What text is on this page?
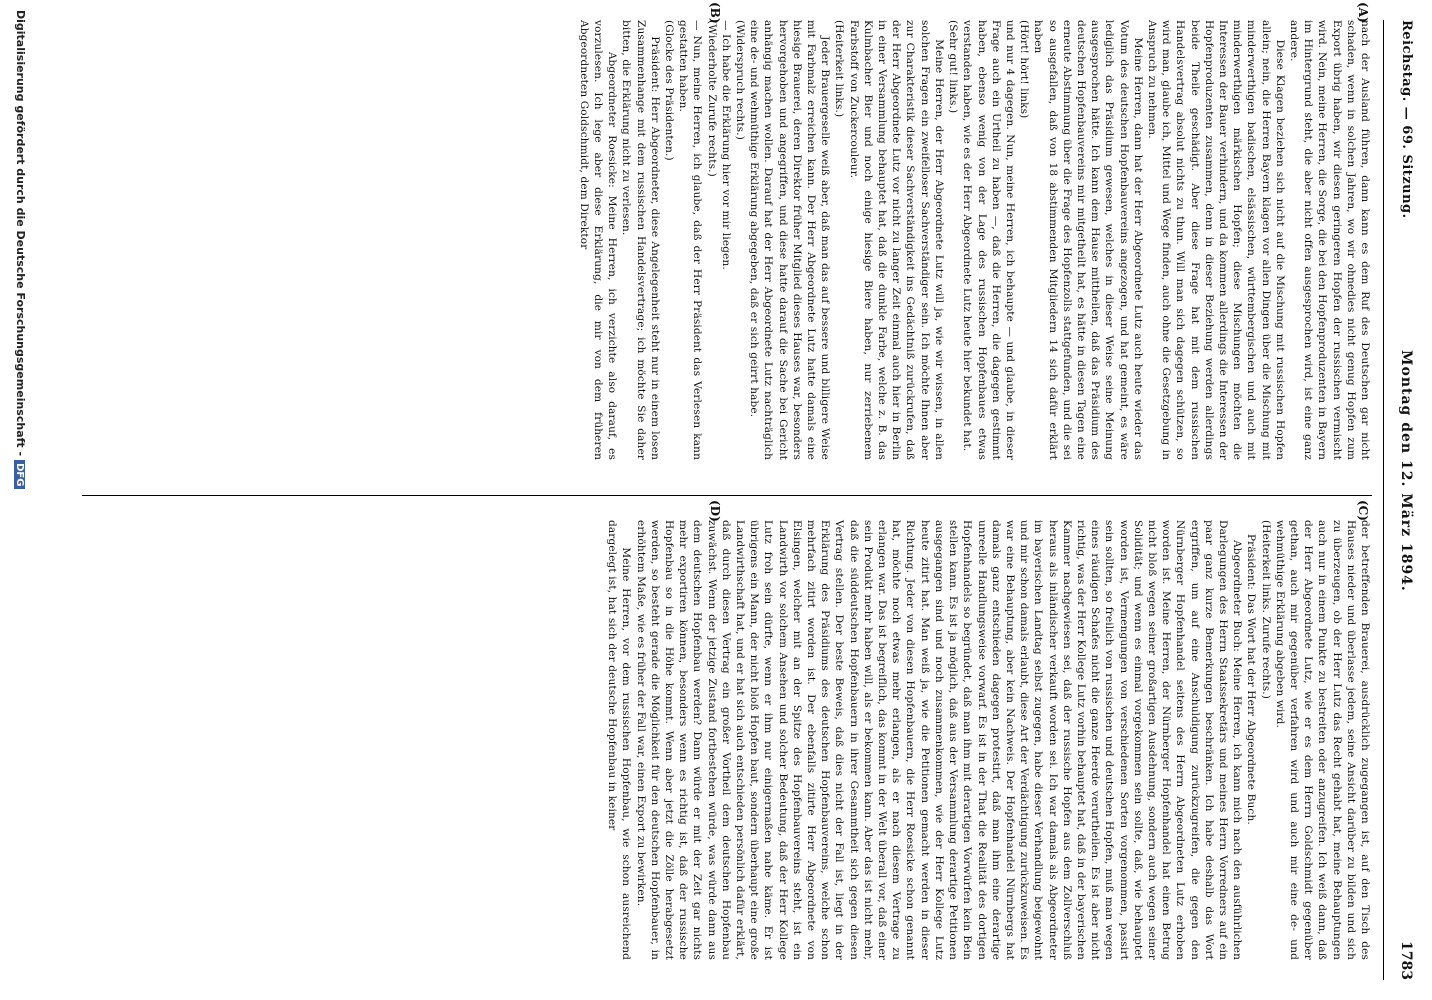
Reichstag. — 69. Sitzung.
Montag den 12. März 1894.
1783
nach der Ausland führen, dann kann es dem Ruf des Deutschen gar nicht schaden, wenn in solchen Jahren, wo wir ohnedies nicht genug Hopfen zum Export übrig haben, wir diesen geringeren Hopfen der russischen vermischt wird. Nein, meine Herren, die Sorge, die bei den Hopfenproduzenten in Bayern im Hintergrund steht, die aber nicht offen ausgesprochen wird, ist eine ganz andere.
Diese Klagen beziehen sich nicht auf die Mischung mit russischen Hopfen allein; nein, die Herren Bayern klagen vor allen Dingen über die Mischung mit minderwerthigen badischen, elsässischen, württembergischen und auch mit minderwerthigen märkischen Hopfen; diese Mischungen möchten die Interessen der Bauer verhindern, und da kommen allerdings die Interessen der Hopfenproduzenten zusammen, denn in dieser Beziehung werden allerdings beide Theile geschädigt. Aber diese Frage hat mit dem russischen Handelsvertrag absolut nichts zu thun. Will man sich dagegen schützen, so wird man, glaube ich, Mittel und Wege finden, auch ohne die Gesetzgebung in Anspruch zu nehmen.
Meine Herren, dann hat der Herr Abgeordnete Lutz auch heute wieder das Votum des deutschen Hopfenbauvereins angezogen, und hat gemeint, es wäre lediglich das Präsidium gewesen, welches in dieser Weise seine Meinung ausgesprochen hätte. Ich kann dem Hause mittheilen, daß das Präsidium des deutschen Hopfenbauvereins mir mitgetheilt hat, es hätte in diesen Tagen eine erneute Abstimmung über die Frage des Hopfenzolls stattgefunden, und die sei so ausgefallen, daß von 18 abstimmenden Mitgliedern 14 sich dafür erklärt haben
(Hört! hört! links)
und nur 4 dagegen. Nun, meine Herren, ich behaupte — und glaube, in dieser Frage auch ein Urtheil zu haben —, daß die Herren, die dagegen gestimmt haben, ebenso wenig von der Lage des russischen Hopfenbaues etwas verstanden haben, wie es der Herr Abgeordnete Lutz heute hier bekundet hat.
(Sehr gut! links.)
Meine Herren, der Herr Abgeordnete Lutz will ja, wie wir wissen, in allen solchen Fragen ein zweifelloser Sachverständiger sein. Ich möchte Ihnen aber zur Charakteristik dieser Sachverständigkeit ins Gedächtniß zurückrufen, daß der Herr Abgeordnete Lutz vor nicht zu langer Zeit einmal auch hier in Berlin in einer Versammlung behauptet hat, daß die dunkle Farbe, welche z. B. das Kulmbacher Bier und noch einige hiesige Biere haben, nur zerriebenem Farbstoff von Zuckercouleur.
(Heiterkeit links.)
Jeder Brauergeselle weiß aber, daß man das auf bessere und billigere Weise mit Farbmalz erreichen kann. Der Herr Abgeordnete Lutz hatte damals eine hiesige Brauerei, deren Direktor früher Mitglied dieses Hauses war, besonders hervorgehoben und angegriffen, und diese hatte darauf die Sache bei Gericht anhängig machen wollen. Darauf hat der Herr Abgeordnete Lutz nachträglich eine de- und wehmüthige Erklärung abgegeben, daß er sich geirrt habe.
(Widerspruch rechts.)
— Ich habe die Erklärung hier vor mir liegen.
(Wiederholte Zurufe rechts.)
— Nun, meine Herren, ich glaube, daß der Herr Präsident das Verlesen kann gestatten haben.
(Glocke des Präsidenten.)
Präsident: Herr Abgeordneter, diese Angelegenheit steht nur in einem losen Zusammenhange mit dem russischen Handelsvertrage; ich möchte Sie daher bitten, die Erklärung nicht zu verlesen.
Abgeordneter Roesicke: Meine Herren, ich verzichte also darauf, es vorzulesen. Ich lege aber diese Erklärung, die mir von dem früheren Abgeordneten Goldschmidt, dem Direktor
der betreffenden Brauerei, ausdrücklich zugegangen ist, auf den Tisch des Hauses nieder und überlasse jedem, seine Ansicht darüber zu bilden und sich zu überzeugen, ob der Herr Lutz das Recht gehabt hat, meine Behauptungen auch nur in einem Punkte zu bestreiten oder anzugreifen. Ich weiß dann, daß der Herr Abgeordnete Lutz, wie er es dem Herrn Goldschmidt gegenüber gethan, auch mir gegenüber verfahren wird und auch mir eine de- und wehmüthige Erklärung abgeben wird.
(Heiterkeit links. Zurufe rechts.)
Präsident: Das Wort hat der Herr Abgeordnete Buch.
Abgeordneter Buch: Meine Herren, ich kann mich nach den ausführlichen Darlegungen des Herrn Staatssekretärs und meines Herrn Vorredners auf ein paar ganz kurze Bemerkungen beschränken. Ich habe deshalb das Wort ergriffen, um auf eine Anschuldigung zurückzugreifen, die gegen den Nürnberger Hopfenhandel seitens des Herrn Abgeordneten Lutz erhoben worden ist. Meine Herren, der Nürnberger Hopfenhandel hat einen Betrug nicht bloß wegen seiner großartigen Ausdehnung, sondern auch wegen seiner Solidität; und wenn es einmal vorgekommen sein sollte, daß, wie behauptet worden ist, Vermengungen von verschiedenen Sorten vorgenommen, passirt sein sollten, so freilich von russischen und deutschen Hopfen, muß man wegen eines räudigen Schafes nicht die ganze Heerde verurtheilen. Es ist aber nicht richtig, was der Herr Kollege Lutz vorhin behauptet hat, daß in der bayerischen Kammer nachgewiesen sei, daß der russische Hopfen aus dem Zollverschluß heraus als inländischer verkauft worden sei. Ich war damals als Abgeordneter im bayerischen Landtag selbst zugegen, habe dieser Verhandlung beigewohnt und mir schon damals erlaubt, diese Art der Verdächtigung zurückzuweisen. Es war eine Behauptung, aber kein Nachweis. Der Hopfenhandel Nürnbergs hat damals ganz entschieden dagegen protestirt, daß man ihm eine derartige unreelle Handlungsweise vorwarf. Es ist in der That die Realität des dortigen Hopfenhandels so begründet, daß man ihm mit derartigen Vorwürfen kein Bein stellen kann. Es ist ja möglich, daß aus der Versammlung derartige Petitionen ausgegangen sind und noch zusammenkommen, wie der Herr Kollege Lutz heute zitirt hat. Man weiß ja, wie die Petitionen gemacht werden in dieser Richtung. Jeder von diesen Hopfenbauern, die Herr Roesicke schon genannt hat, möchte noch etwas mehr erlangen, als er nach diesem Vertrage zu erlangen war. Das ist begreiflich, das kommt in der Welt überall vor, daß einer sein Produkt mehr haben will, als er bekommen kann. Aber das ist nicht mehr, daß die süddeutschen Hopfenbauern in ihrer Gesammtheit sich gegen diesen Vertrag stellen. Der beste Beweis, daß dies nicht der Fall ist, liegt in der Erklärung des Präsidiums des deutschen Hopfenbauvereins, welche schon mehrfach zitirt worden ist. Der ebenfalls zitirte Herr Abgeordnete von Elsingen, welcher mit an der Spitze des Hopfenbauvereins steht, ist ein Landwirth vor solchem Ansehen und solcher Bedeutung, daß der Herr Kollege Lutz froh sein dürfte, wenn er ihm nur einigermaßen nahe käme. Er ist übrigens ein Mann, der nicht bloß Hopfen baut, sondern überhaupt eine große Landwirthschaft hat, und er hat sich auch entschieden persönlich dafür erklärt, daß durch diesen Vertrag ein großer Vortheil dem deutschen Hopfenbau zuwächst. Wenn der jetzige Zustand fortbestehen würde, was würde dann aus dem deutschen Hopfenbau werden? Dann würde er mit der Zeit gar nichts mehr exportiren können, besonders wenn es richtig ist, daß der russische Hopfenbau so in die Höhe kommt. Wenn aber jetzt die Zölle herabgesetzt werden, so besteht gerade die Möglichkeit für den deutschen Hopfenbauer, in erhöhtem Maße, wie es früher der Fall war, einen Export zu bewirken.
Meine Herren, vor dem russischen Hopfenbau, wie schon ausreichend dargelegt ist, hat sich der deutsche Hopfenbau in keiner
(A)
(B)
(C)
(D)
Digitalisierung gefördert durch die Deutsche Forschungsgemeinschaft -DFG
